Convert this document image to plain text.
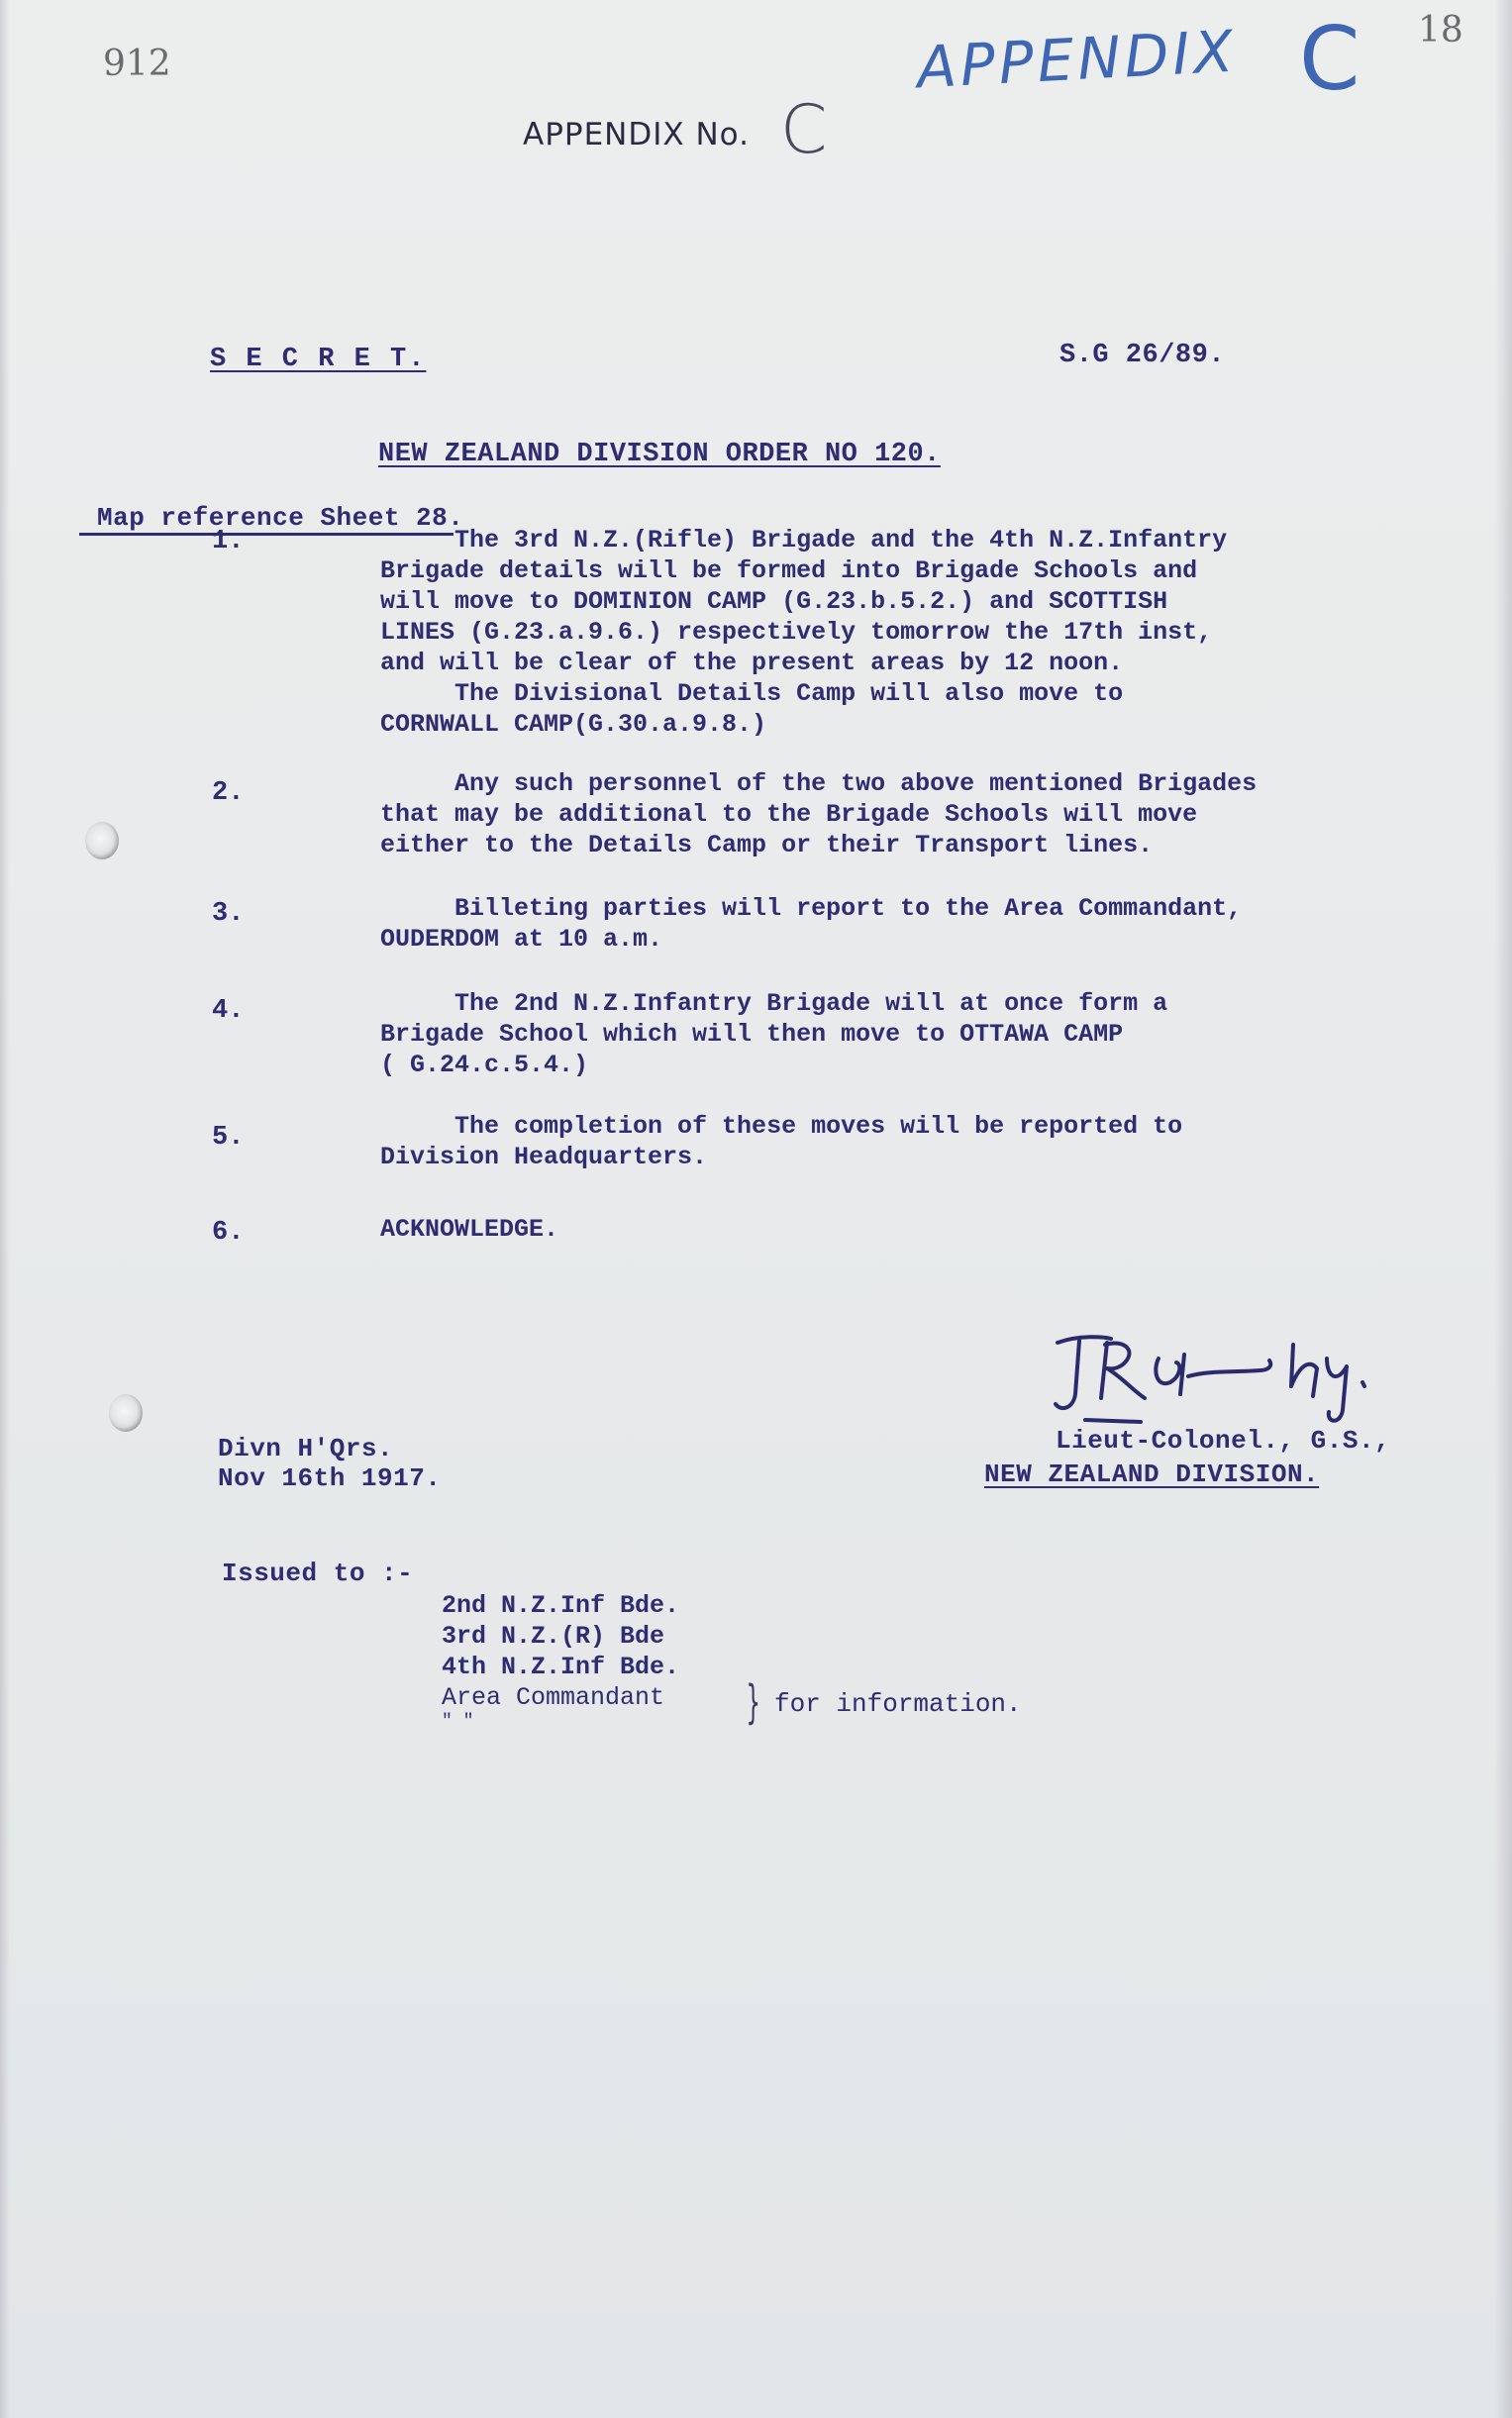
912
18
APPENDIX C
APPENDIX No. C
S E C R E T.	S.G 26/89.
NEW ZEALAND DIVISION ORDER NO 120.
Map reference Sheet 28.
1.	The 3rd N.Z.(Rifle) Brigade and the 4th N.Z.Infantry
Brigade details will be formed into Brigade Schools and
will move to DOMINION CAMP (G.23.b.5.2.) and SCOTTISH
LINES (G.23.a.9.6.) respectively tomorrow the 17th inst,
and will be clear of the present areas by 12 noon.
The Divisional Details Camp will also move to
CORNWALL CAMP(G.30.a.9.8.)
2.	Any such personnel of the two above mentioned Brigades
that may be additional to the Brigade Schools will move
either to the Details Camp or their Transport lines.
3.	Billeting parties will report to the Area Commandant,
OUDERDOM at 10 a.m.
4.	The 2nd N.Z.Infantry Brigade will at once form a
Brigade School which will then move to OTTAWA CAMP
( G.24.c.5.4.)
5.	The completion of these moves will be reported to
Division Headquarters.
6.	ACKNOWLEDGE.
Lieut-Colonel., G.S.,
NEW ZEALAND DIVISION.
Divn H'Qrs.
Nov 16th 1917.
Issued to :-
2nd N.Z.Inf Bde.
3rd N.Z.(R) Bde
4th N.Z.Inf Bde.
Area Commandant
" "	} for information.
